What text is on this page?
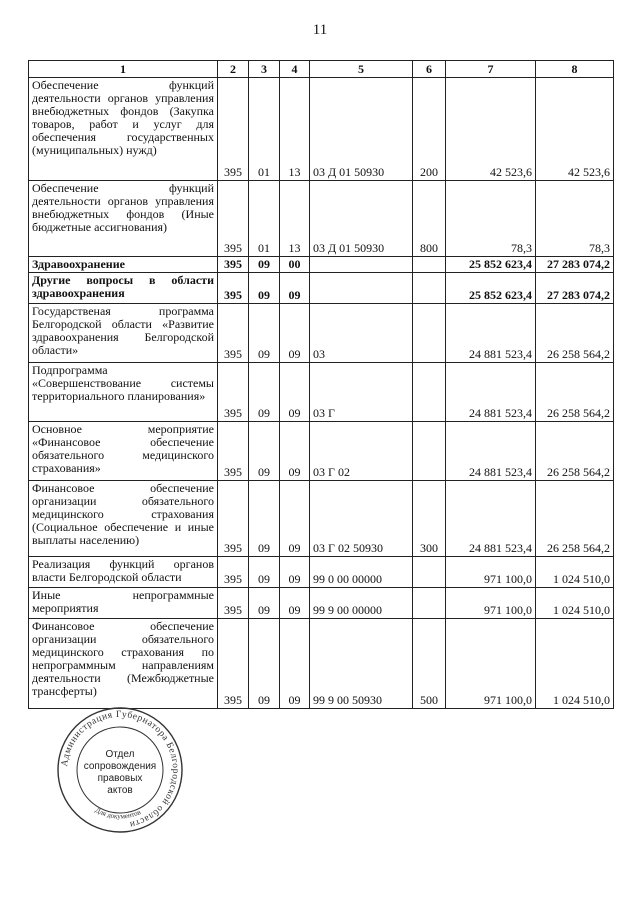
11
1	2	3	4	5	6	7	8
Обеспечение функций деятельности органов управления внебюджетных фондов (Закупка товаров, работ и услуг для обеспечения государственных (муниципальных) нужд)	395	01	13	03 Д 01 50930	200	42 523,6	42 523,6
Обеспечение функций деятельности органов управления внебюджетных фондов (Иные бюджетные ассигнования)	395	01	13	03 Д 01 50930	800	78,3	78,3
Здравоохранение	395	09	00			25 852 623,4	27 283 074,2
Другие вопросы в области здравоохранения	395	09	09			25 852 623,4	27 283 074,2
Государственая программа Белгородской области «Развитие здравоохранения Белгородской области»	395	09	09	03		24 881 523,4	26 258 564,2
Подпрограмма «Совершенствование системы территориального планирования»	395	09	09	03 Г		24 881 523,4	26 258 564,2
Основное мероприятие «Финансовое обеспечение обязательного медицинского страхования»	395	09	09	03 Г 02		24 881 523,4	26 258 564,2
Финансовое обеспечение организации обязательного медицинского страхования (Социальное обеспечение и иные выплаты населению)	395	09	09	03 Г 02 50930	300	24 881 523,4	26 258 564,2
Реализация функций органов власти Белгородской области	395	09	09	99 0 00 00000		971 100,0	1 024 510,0
Иные непрограммные мероприятия	395	09	09	99 9 00 00000		971 100,0	1 024 510,0
Финансовое обеспечение организации обязательного медицинского страхования по непрограммным направлениям деятельности (Межбюджетные трансферты)	395	09	09	99 9 00 50930	500	971 100,0	1 024 510,0
Администрация Губернатора Белгородской области
Для документов
Отдел
сопровождения
правовых
актов
